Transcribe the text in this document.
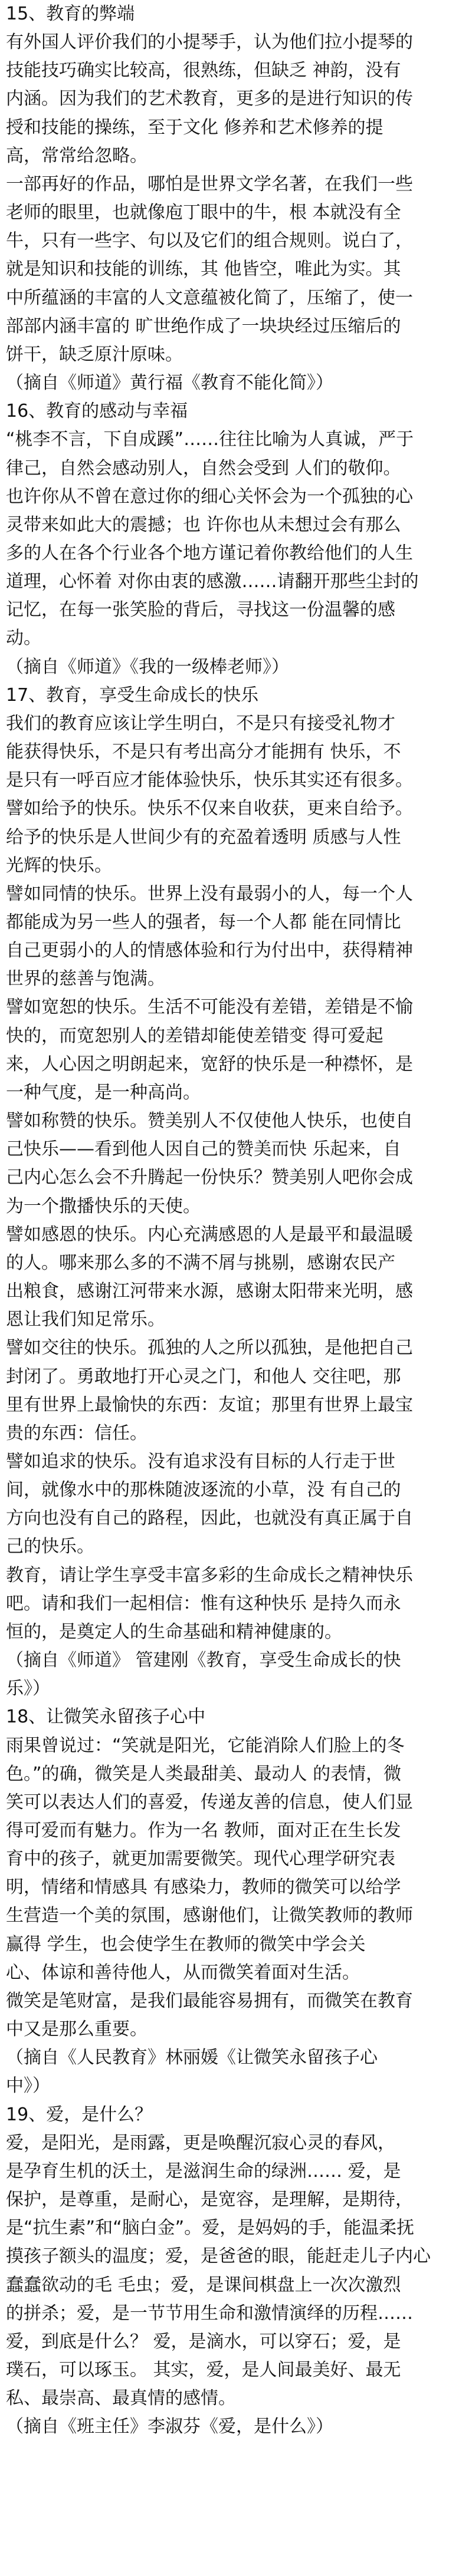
15、教育的弊端
有外国人评价我们的小提琴手，认为他们拉小提琴的
技能技巧确实比较高，很熟练，但缺乏 神韵，没有
内涵。因为我们的艺术教育，更多的是进行知识的传
授和技能的操练，至于文化 修养和艺术修养的提
高，常常给忽略。
一部再好的作品，哪怕是世界文学名著，在我们一些
老师的眼里，也就像庖丁眼中的牛，根 本就没有全
牛，只有一些字、句以及它们的组合规则。说白了，
就是知识和技能的训练，其 他皆空，唯此为实。其
中所蕴涵的丰富的人文意蕴被化简了，压缩了，使一
部部内涵丰富的 旷世绝作成了一块块经过压缩后的
饼干，缺乏原汁原味。
（摘自《师道》黄行福《教育不能化简》）
16、教育的感动与幸福
“桃李不言，下自成蹊”……往往比喻为人真诚，严于
律己，自然会感动别人，自然会受到 人们的敬仰。
也许你从不曾在意过你的细心关怀会为一个孤独的心
灵带来如此大的震撼；也 许你也从未想过会有那么
多的人在各个行业各个地方谨记着你教给他们的人生
道理，心怀着 对你由衷的感激……请翻开那些尘封的
记忆，在每一张笑脸的背后，寻找这一份温馨的感
动。
（摘自《师道》《我的一级棒老师》）
17、教育，享受生命成长的快乐
我们的教育应该让学生明白，不是只有接受礼物才
能获得快乐，不是只有考出高分才能拥有 快乐，不
是只有一呼百应才能体验快乐，快乐其实还有很多。
譬如给予的快乐。快乐不仅来自收获，更来自给予。
给予的快乐是人世间少有的充盈着透明 质感与人性
光辉的快乐。
譬如同情的快乐。世界上没有最弱小的人，每一个人
都能成为另一些人的强者，每一个人都 能在同情比
自己更弱小的人的情感体验和行为付出中，获得精神
世界的慈善与饱满。
譬如宽恕的快乐。生活不可能没有差错，差错是不愉
快的，而宽恕别人的差错却能使差错变 得可爱起
来，人心因之明朗起来，宽舒的快乐是一种襟怀，是
一种气度，是一种高尚。
譬如称赞的快乐。赞美别人不仅使他人快乐，也使自
己快乐——看到他人因自己的赞美而快 乐起来，自
己内心怎么会不升腾起一份快乐？赞美别人吧你会成
为一个撒播快乐的天使。
譬如感恩的快乐。内心充满感恩的人是最平和最温暖
的人。哪来那么多的不满不屑与挑剔，感谢农民产
出粮食，感谢江河带来水源，感谢太阳带来光明，感
恩让我们知足常乐。
譬如交往的快乐。孤独的人之所以孤独，是他把自己
封闭了。勇敢地打开心灵之门，和他人 交往吧，那
里有世界上最愉快的东西：友谊；那里有世界上最宝
贵的东西：信任。
譬如追求的快乐。没有追求没有目标的人行走于世
间，就像水中的那株随波逐流的小草，没 有自己的
方向也没有自己的路程，因此，也就没有真正属于自
己的快乐。
教育，请让学生享受丰富多彩的生命成长之精神快乐
吧。请和我们一起相信：惟有这种快乐 是持久而永
恒的，是奠定人的生命基础和精神健康的。
（摘自《师道》 管建刚《教育，享受生命成长的快
乐》）
18、让微笑永留孩子心中
雨果曾说过：“笑就是阳光，它能消除人们脸上的冬
色。”的确，微笑是人类最甜美、最动人 的表情，微
笑可以表达人们的喜爱，传递友善的信息，使人们显
得可爱而有魅力。作为一名 教师，面对正在生长发
育中的孩子，就更加需要微笑。现代心理学研究表
明，情绪和情感具 有感染力，教师的微笑可以给学
生营造一个美的氛围，感谢他们，让微笑教师的教师
赢得 学生，也会使学生在教师的微笑中学会关
心、体谅和善待他人，从而微笑着面对生活。
微笑是笔财富，是我们最能容易拥有，而微笑在教育
中又是那么重要。
（摘自《人民教育》林丽媛《让微笑永留孩子心
中》）
19、爱，是什么？
爱，是阳光，是雨露，更是唤醒沉寂心灵的春风，
是孕育生机的沃土，是滋润生命的绿洲…… 爱，是
保护，是尊重，是耐心，是宽容，是理解，是期待，
是“抗生素”和“脑白金”。爱，是妈妈的手，能温柔抚
摸孩子额头的温度；爱，是爸爸的眼，能赶走儿子内心
蠢蠢欲动的毛 毛虫；爱，是课间棋盘上一次次激烈
的拼杀；爱，是一节节用生命和激情演绎的历程……
爱，到底是什么？ 爱，是滴水，可以穿石；爱，是
璞石，可以琢玉。 其实，爱，是人间最美好、最无
私、最崇高、最真情的感情。
（摘自《班主任》李淑芬《爱，是什么》）
